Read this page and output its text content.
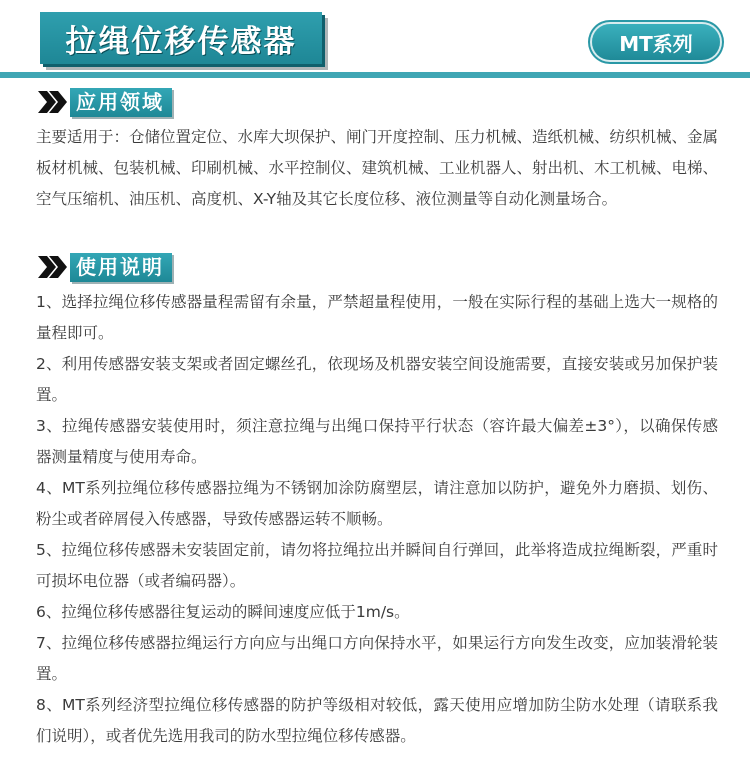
拉绳位移传感器	MT系列
应用领域

主要适用于：仓储位置定位、水库大坝保护、闸门开度控制、压力机械、造纸机械、纺织机械、金属板材机械、包装机械、印刷机械、水平控制仪、建筑机械、工业机器人、射出机、木工机械、电梯、空气压缩机、油压机、高度机、X-Y轴及其它长度位移、液位测量等自动化测量场合。

使用说明

1、选择拉绳位移传感器量程需留有余量，严禁超量程使用，一般在实际行程的基础上选大一规格的量程即可。

2、利用传感器安装支架或者固定螺丝孔，依现场及机器安装空间设施需要，直接安装或另加保护装置。

3、拉绳传感器安装使用时，须注意拉绳与出绳口保持平行状态（容许最大偏差±3°），以确保传感器测量精度与使用寿命。

4、MT系列拉绳位移传感器拉绳为不锈钢加涂防腐塑层，请注意加以防护，避免外力磨损、划伤、粉尘或者碎屑侵入传感器，导致传感器运转不顺畅。

5、拉绳位移传感器未安装固定前，请勿将拉绳拉出并瞬间自行弹回，此举将造成拉绳断裂，严重时可损坏电位器（或者编码器）。

6、拉绳位移传感器往复运动的瞬间速度应低于1m/s。

7、拉绳位移传感器拉绳运行方向应与出绳口方向保持水平，如果运行方向发生改变，应加装滑轮装置。

8、MT系列经济型拉绳位移传感器的防护等级相对较低，露天使用应增加防尘防水处理（请联系我们说明），或者优先选用我司的防水型拉绳位移传感器。
